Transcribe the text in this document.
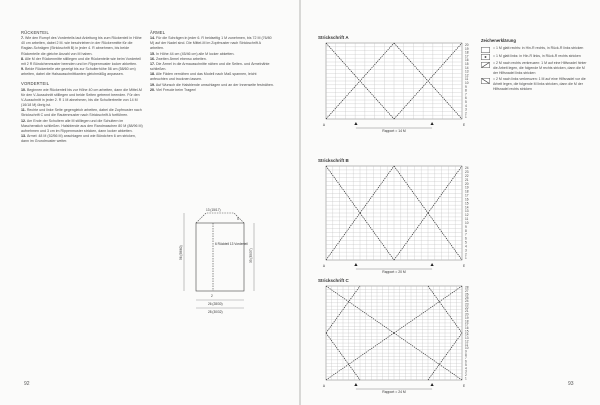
RÜCKENTEIL
7. Wie den Rumpf des Vorderteils laut Anleitung bis zum Rückenteil in Höhe 40 cm arbeiten, dabei 2 M. wie beschrieben in der Rückenmitte für die Raglan-Schrägen (Strickschrift B) in jeder 4. R abnehmen, bis beide Rückenteile die gleiche Anzahl von M haben.
8. Alle M der Rückenmitte stilllegen und die Rückenteile wie beim Vorderteil mit 2 R Bündchenmuster beenden und im Rippenmuster locker abketten.
9. Beide Rückenteile wie gezeigt bis zur Schulterhöhe 56 cm (58/60 cm) arbeiten, dabei die Halsausschnittkanten gleichmäßig anpassen.
VORDERTEIL
10. Beginnen wie Rückenteil bis zur Höhe 40 cm arbeiten, dann die Mittel-M für den V-Ausschnitt stilllegen und beide Seiten getrennt beenden. Für den V-Ausschnitt in jeder 2. R 1 M abnehmen, bis die Schulterbreite von 14 M (16/18 M) übrig ist.
11. Rechte und linke Seite gegengleich arbeiten, dabei die Zopfmuster nach Strickschrift C und die Rautenmuster nach Strickschrift A fortführen.
12. Am Ende der Schultern alle M stilllegen und die Schultern im Maschenstich schließen. Halsblende aus den Randmaschen 80 M (88/96 M) aufnehmen und 3 cm im Rippenmuster stricken, dann locker abketten.
13. Ärmel: 48 M (52/56 M) anschlagen und wie Bündchen 6 cm stricken, dann im Grundmuster weiter.
ÄRMEL
14. Für die Schrägen in jeder 6. R beidseitig 1 M zunehmen, bis 72 M (76/80 M) auf der Nadel sind. Die Mittel-M im Zopfmuster nach Strickschrift A arbeiten.
15. In Höhe 44 cm (45/46 cm) alle M locker abketten.
16. Zweiten Ärmel ebenso arbeiten.
17. Die Ärmel in die Armausschnitte nähen und die Seiten- und Ärmelnähte schließen.
18. Alle Fäden vernähen und das Modell nach Maß spannen, leicht anfeuchten und trocknen lassen.
19. Auf Wunsch die Halsblende umschlagen und an der Innenseite festnähen.
20. Viel Freude beim Tragen!
13 (15/17)
5
6 Rückteil 13 Vorderteil
56 (58/60)	33 (35/37)
2
26 (28/30)
28 (30/32)
Strickschrift A
20
19
18
17
16
15
14
13
12
11
10
9
8
7
6
5
4
3
2
1
Rapport = 14 M
A	E
Strickschrift B
24
23
22
21
20
19
18
17
16
15
14
13
12
11
10
9
8
7
6
5
4
3
2
1
Rapport = 20 M
A	E
Strickschrift C
28
27
26
25
24
23
22
21
20
19
18
17
16
15
14
13
12
11
10
9
8
7
6
5
4
3
2
1
Rapport = 24 M
A	E
Zeichenerklärung
= 1 M glatt rechts: in Hin-R rechts, in Rück-R links stricken
= 1 M glatt links: in Hin-R links, in Rück-R rechts stricken
= 2 M nach rechts verkreuzen: 1 M auf eine Hilfsnadel hinter die Arbeit legen, die folgende M rechts stricken, dann die M der Hilfsnadel links stricken
= 2 M nach links verkreuzen: 1 M auf eine Hilfsnadel vor die Arbeit legen, die folgende M links stricken, dann die M der Hilfsnadel rechts stricken
92	93
